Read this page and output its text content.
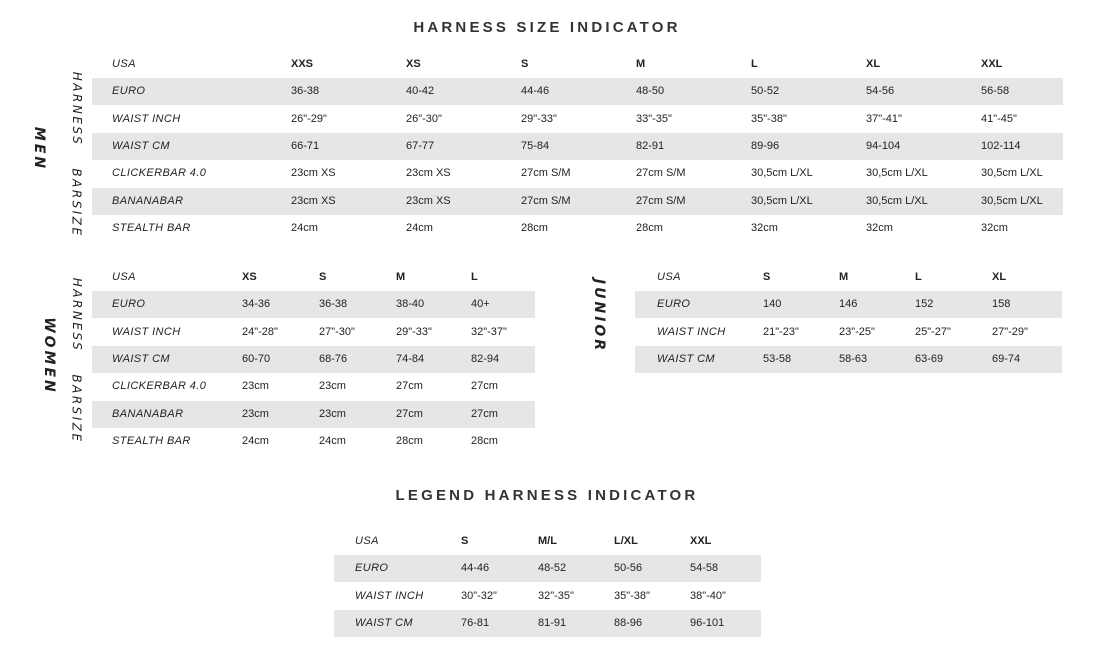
HARNESS SIZE INDICATOR
LEGEND HARNESS INDICATOR
MEN
HARNESS
BARSIZE
WOMEN
HARNESS
BARSIZE
JUNIOR
USA	XXS	XS	S	M	L	XL	XXL
EURO	36-38	40-42	44-46	48-50	50-52	54-56	56-58
WAIST INCH	26"-29"	26"-30"	29"-33"	33"-35"	35"-38"	37"-41"	41"-45"
WAIST CM	66-71	67-77	75-84	82-91	89-96	94-104	102-114
CLICKERBAR 4.0	23cm XS	23cm XS	27cm S/M	27cm S/M	30,5cm L/XL	30,5cm L/XL	30,5cm L/XL
BANANABAR	23cm XS	23cm XS	27cm S/M	27cm S/M	30,5cm L/XL	30,5cm L/XL	30,5cm L/XL
STEALTH BAR	24cm	24cm	28cm	28cm	32cm	32cm	32cm
USA	XS	S	M	L
EURO	34-36	36-38	38-40	40+
WAIST INCH	24"-28"	27"-30"	29"-33"	32"-37"
WAIST CM	60-70	68-76	74-84	82-94
CLICKERBAR 4.0	23cm	23cm	27cm	27cm
BANANABAR	23cm	23cm	27cm	27cm
STEALTH BAR	24cm	24cm	28cm	28cm
USA	S	M	L	XL
EURO	140	146	152	158
WAIST INCH	21"-23"	23"-25"	25"-27"	27"-29"
WAIST CM	53-58	58-63	63-69	69-74
USA	S	M/L	L/XL	XXL
EURO	44-46	48-52	50-56	54-58
WAIST INCH	30"-32"	32"-35"	35"-38"	38"-40"
WAIST CM	76-81	81-91	88-96	96-101
